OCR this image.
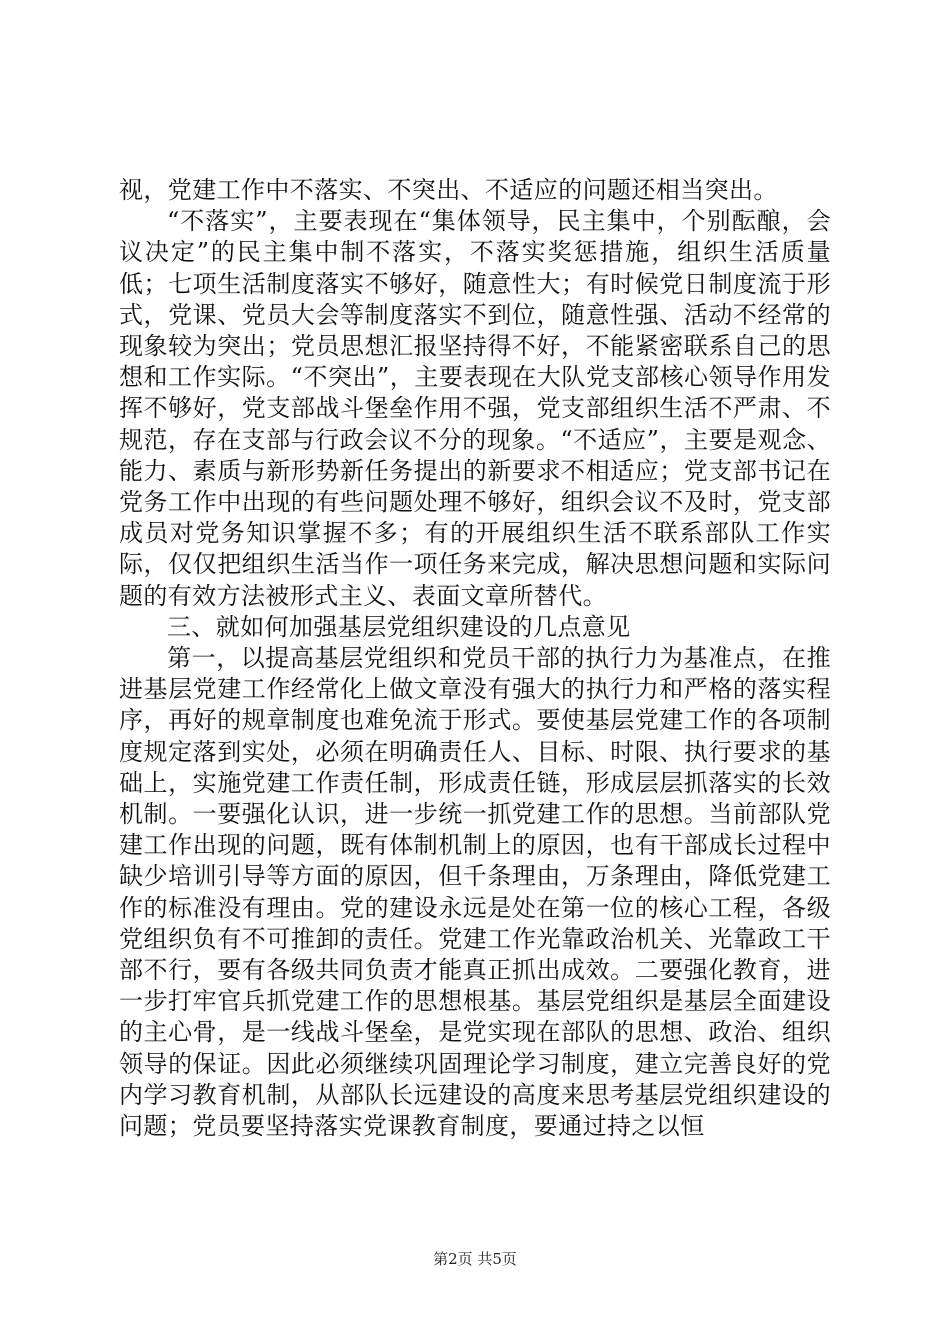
视，党建工作中不落实、不突出、不适应的问题还相当突出。

“不落实”，主要表现在“集体领导，民主集中，个别酝酿，会议决定”的民主集中制不落实，不落实奖惩措施，组织生活质量低；七项生活制度落实不够好，随意性大；有时候党日制度流于形式，党课、党员大会等制度落实不到位，随意性强、活动不经常的现象较为突出；党员思想汇报坚持得不好，不能紧密联系自己的思想和工作实际。“不突出”，主要表现在大队党支部核心领导作用发挥不够好，党支部战斗堡垒作用不强，党支部组织生活不严肃、不规范，存在支部与行政会议不分的现象。“不适应”，主要是观念、能力、素质与新形势新任务提出的新要求不相适应；党支部书记在党务工作中出现的有些问题处理不够好，组织会议不及时，党支部成员对党务知识掌握不多；有的开展组织生活不联系部队工作实际，仅仅把组织生活当作一项任务来完成，解决思想问题和实际问题的有效方法被形式主义、表面文章所替代。

三、就如何加强基层党组织建设的几点意见

第一，以提高基层党组织和党员干部的执行力为基准点，在推进基层党建工作经常化上做文章没有强大的执行力和严格的落实程序，再好的规章制度也难免流于形式。要使基层党建工作的各项制度规定落到实处，必须在明确责任人、目标、时限、执行要求的基础上，实施党建工作责任制，形成责任链，形成层层抓落实的长效机制。一要强化认识，进一步统一抓党建工作的思想。当前部队党建工作出现的问题，既有体制机制上的原因，也有干部成长过程中缺少培训引导等方面的原因，但千条理由，万条理由，降低党建工作的标准没有理由。党的建设永远是处在第一位的核心工程，各级党组织负有不可推卸的责任。党建工作光靠政治机关、光靠政工干部不行，要有各级共同负责才能真正抓出成效。二要强化教育，进一步打牢官兵抓党建工作的思想根基。基层党组织是基层全面建设的主心骨，是一线战斗堡垒，是党实现在部队的思想、政治、组织领导的保证。因此必须继续巩固理论学习制度，建立完善良好的党内学习教育机制，从部队长远建设的高度来思考基层党组织建设的问题；党员要坚持落实党课教育制度，要通过持之以恒

第2页 共5页
